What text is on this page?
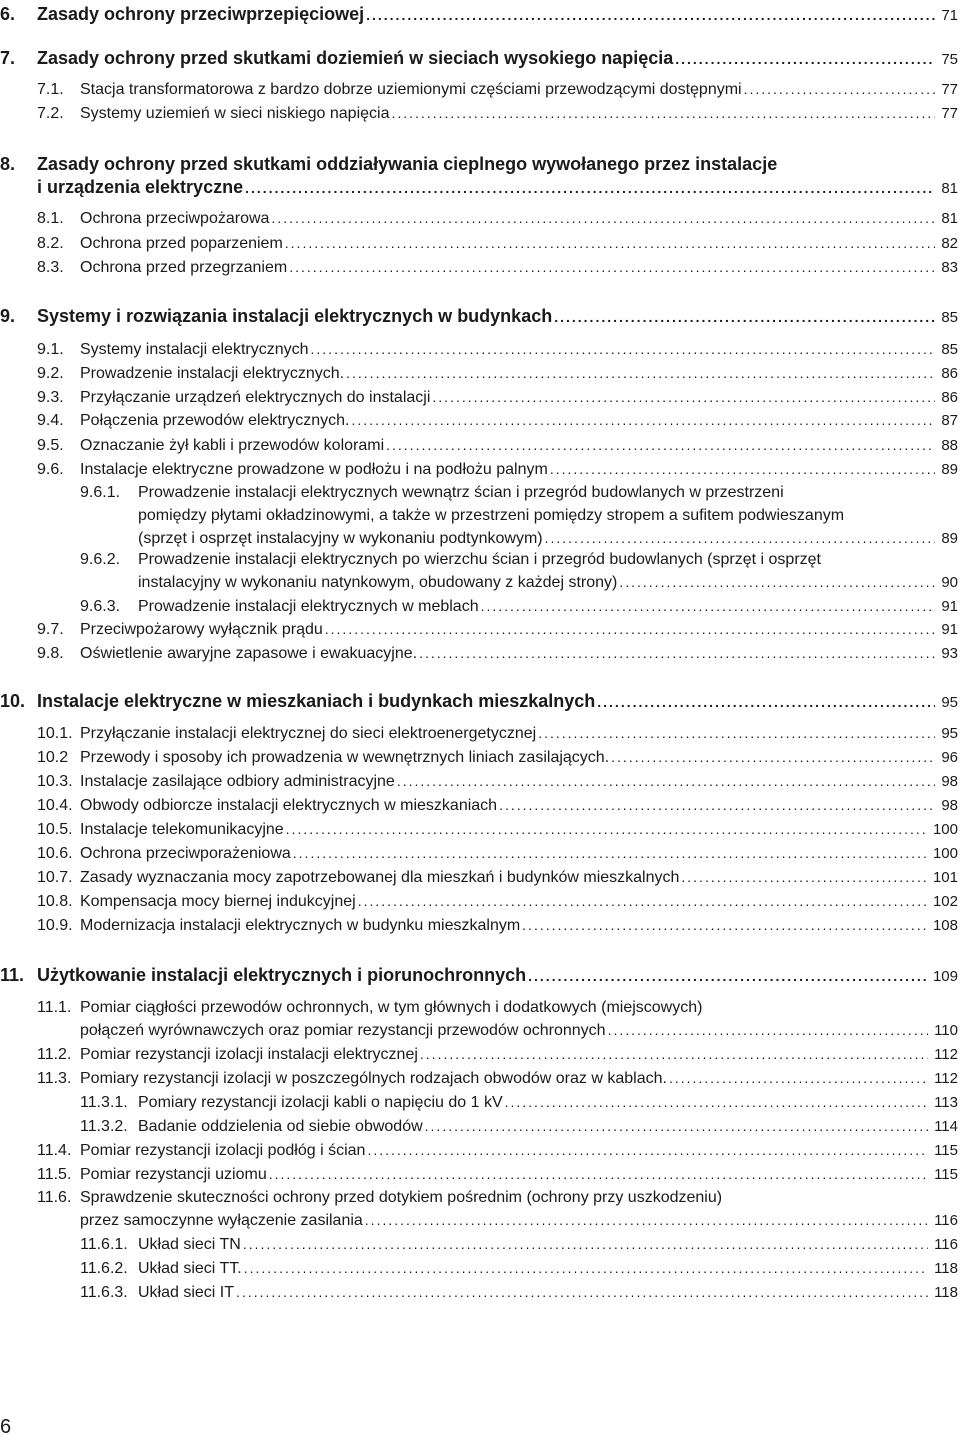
6.	Zasady ochrony przeciwprzepięciowej .....	71
7.	Zasady ochrony przed skutkami doziemień w sieciach wysokiego napięcia .....	75
7.1.	Stacja transformatorowa z bardzo dobrze uziemionymi częściami przewodzącymi dostępnymi .....	77
7.2.	Systemy uziemień w sieci niskiego napięcia .....	77
8.	Zasady ochrony przed skutkami oddziaływania cieplnego wywołanego przez instalacje
i urządzenia elektryczne .....	81
8.1.	Ochrona przeciwpożarowa .....	81
8.2.	Ochrona przed poparzeniem .....	82
8.3.	Ochrona przed przegrzaniem .....	83
9.	Systemy i rozwiązania instalacji elektrycznych w budynkach .....	85
9.1.	Systemy instalacji elektrycznych .....	85
9.2.	Prowadzenie instalacji elektrycznych. .....	86
9.3.	Przyłączanie urządzeń elektrycznych do instalacji .....	86
9.4.	Połączenia przewodów elektrycznych. .....	87
9.5.	Oznaczanie żył kabli i przewodów kolorami .....	88
9.6.	Instalacje elektryczne prowadzone w podłożu i na podłożu palnym .....	89
9.6.1.	Prowadzenie instalacji elektrycznych wewnątrz ścian i przegród budowlanych w przestrzeni
pomiędzy płytami okładzinowymi, a także w przestrzeni pomiędzy stropem a sufitem podwieszanym
(sprzęt i osprzęt instalacyjny w wykonaniu podtynkowym) .....	89
9.6.2.	Prowadzenie instalacji elektrycznych po wierzchu ścian i przegród budowlanych (sprzęt i osprzęt
instalacyjny w wykonaniu natynkowym, obudowany z każdej strony) .....	90
9.6.3.	Prowadzenie instalacji elektrycznych w meblach .....	91
9.7.	Przeciwpożarowy wyłącznik prądu .....	91
9.8.	Oświetlenie awaryjne zapasowe i ewakuacyjne. .....	93
10. Instalacje elektryczne w mieszkaniach i budynkach mieszkalnych .....	95
10.1. Przyłączanie instalacji elektrycznej do sieci elektroenergetycznej .....	95
10.2 Przewody i sposoby ich prowadzenia w wewnętrznych liniach zasilających. .....	96
10.3. Instalacje zasilające odbiory administracyjne .....	98
10.4. Obwody odbiorcze instalacji elektrycznych w mieszkaniach .....	98
10.5. Instalacje telekomunikacyjne .....	100
10.6. Ochrona przeciwporażeniowa .....	100
10.7. Zasady wyznaczania mocy zapotrzebowanej dla mieszkań i budynków mieszkalnych .....	101
10.8. Kompensacja mocy biernej indukcyjnej .....	102
10.9. Modernizacja instalacji elektrycznych w budynku mieszkalnym .....	108
11. Użytkowanie instalacji elektrycznych i piorunochronnych .....	109
11.1. Pomiar ciągłości przewodów ochronnych, w tym głównych i dodatkowych (miejscowych)
połączeń wyrównawczych oraz pomiar rezystancji przewodów ochronnych .....	110
11.2. Pomiar rezystancji izolacji instalacji elektrycznej .....	112
11.3. Pomiary rezystancji izolacji w poszczególnych rodzajach obwodów oraz w kablach. .....	112
11.3.1. Pomiary rezystancji izolacji kabli o napięciu do 1 kV .....	113
11.3.2. Badanie oddzielenia od siebie obwodów .....	114
11.4. Pomiar rezystancji izolacji podłóg i ścian .....	115
11.5. Pomiar rezystancji uziomu .....	115
11.6. Sprawdzenie skuteczności ochrony przed dotykiem pośrednim (ochrony przy uszkodzeniu)
przez samoczynne wyłączenie zasilania .....	116
11.6.1. Układ sieci TN .....	116
11.6.2. Układ sieci TT. .....	118
11.6.3. Układ sieci IT .....	118
6
